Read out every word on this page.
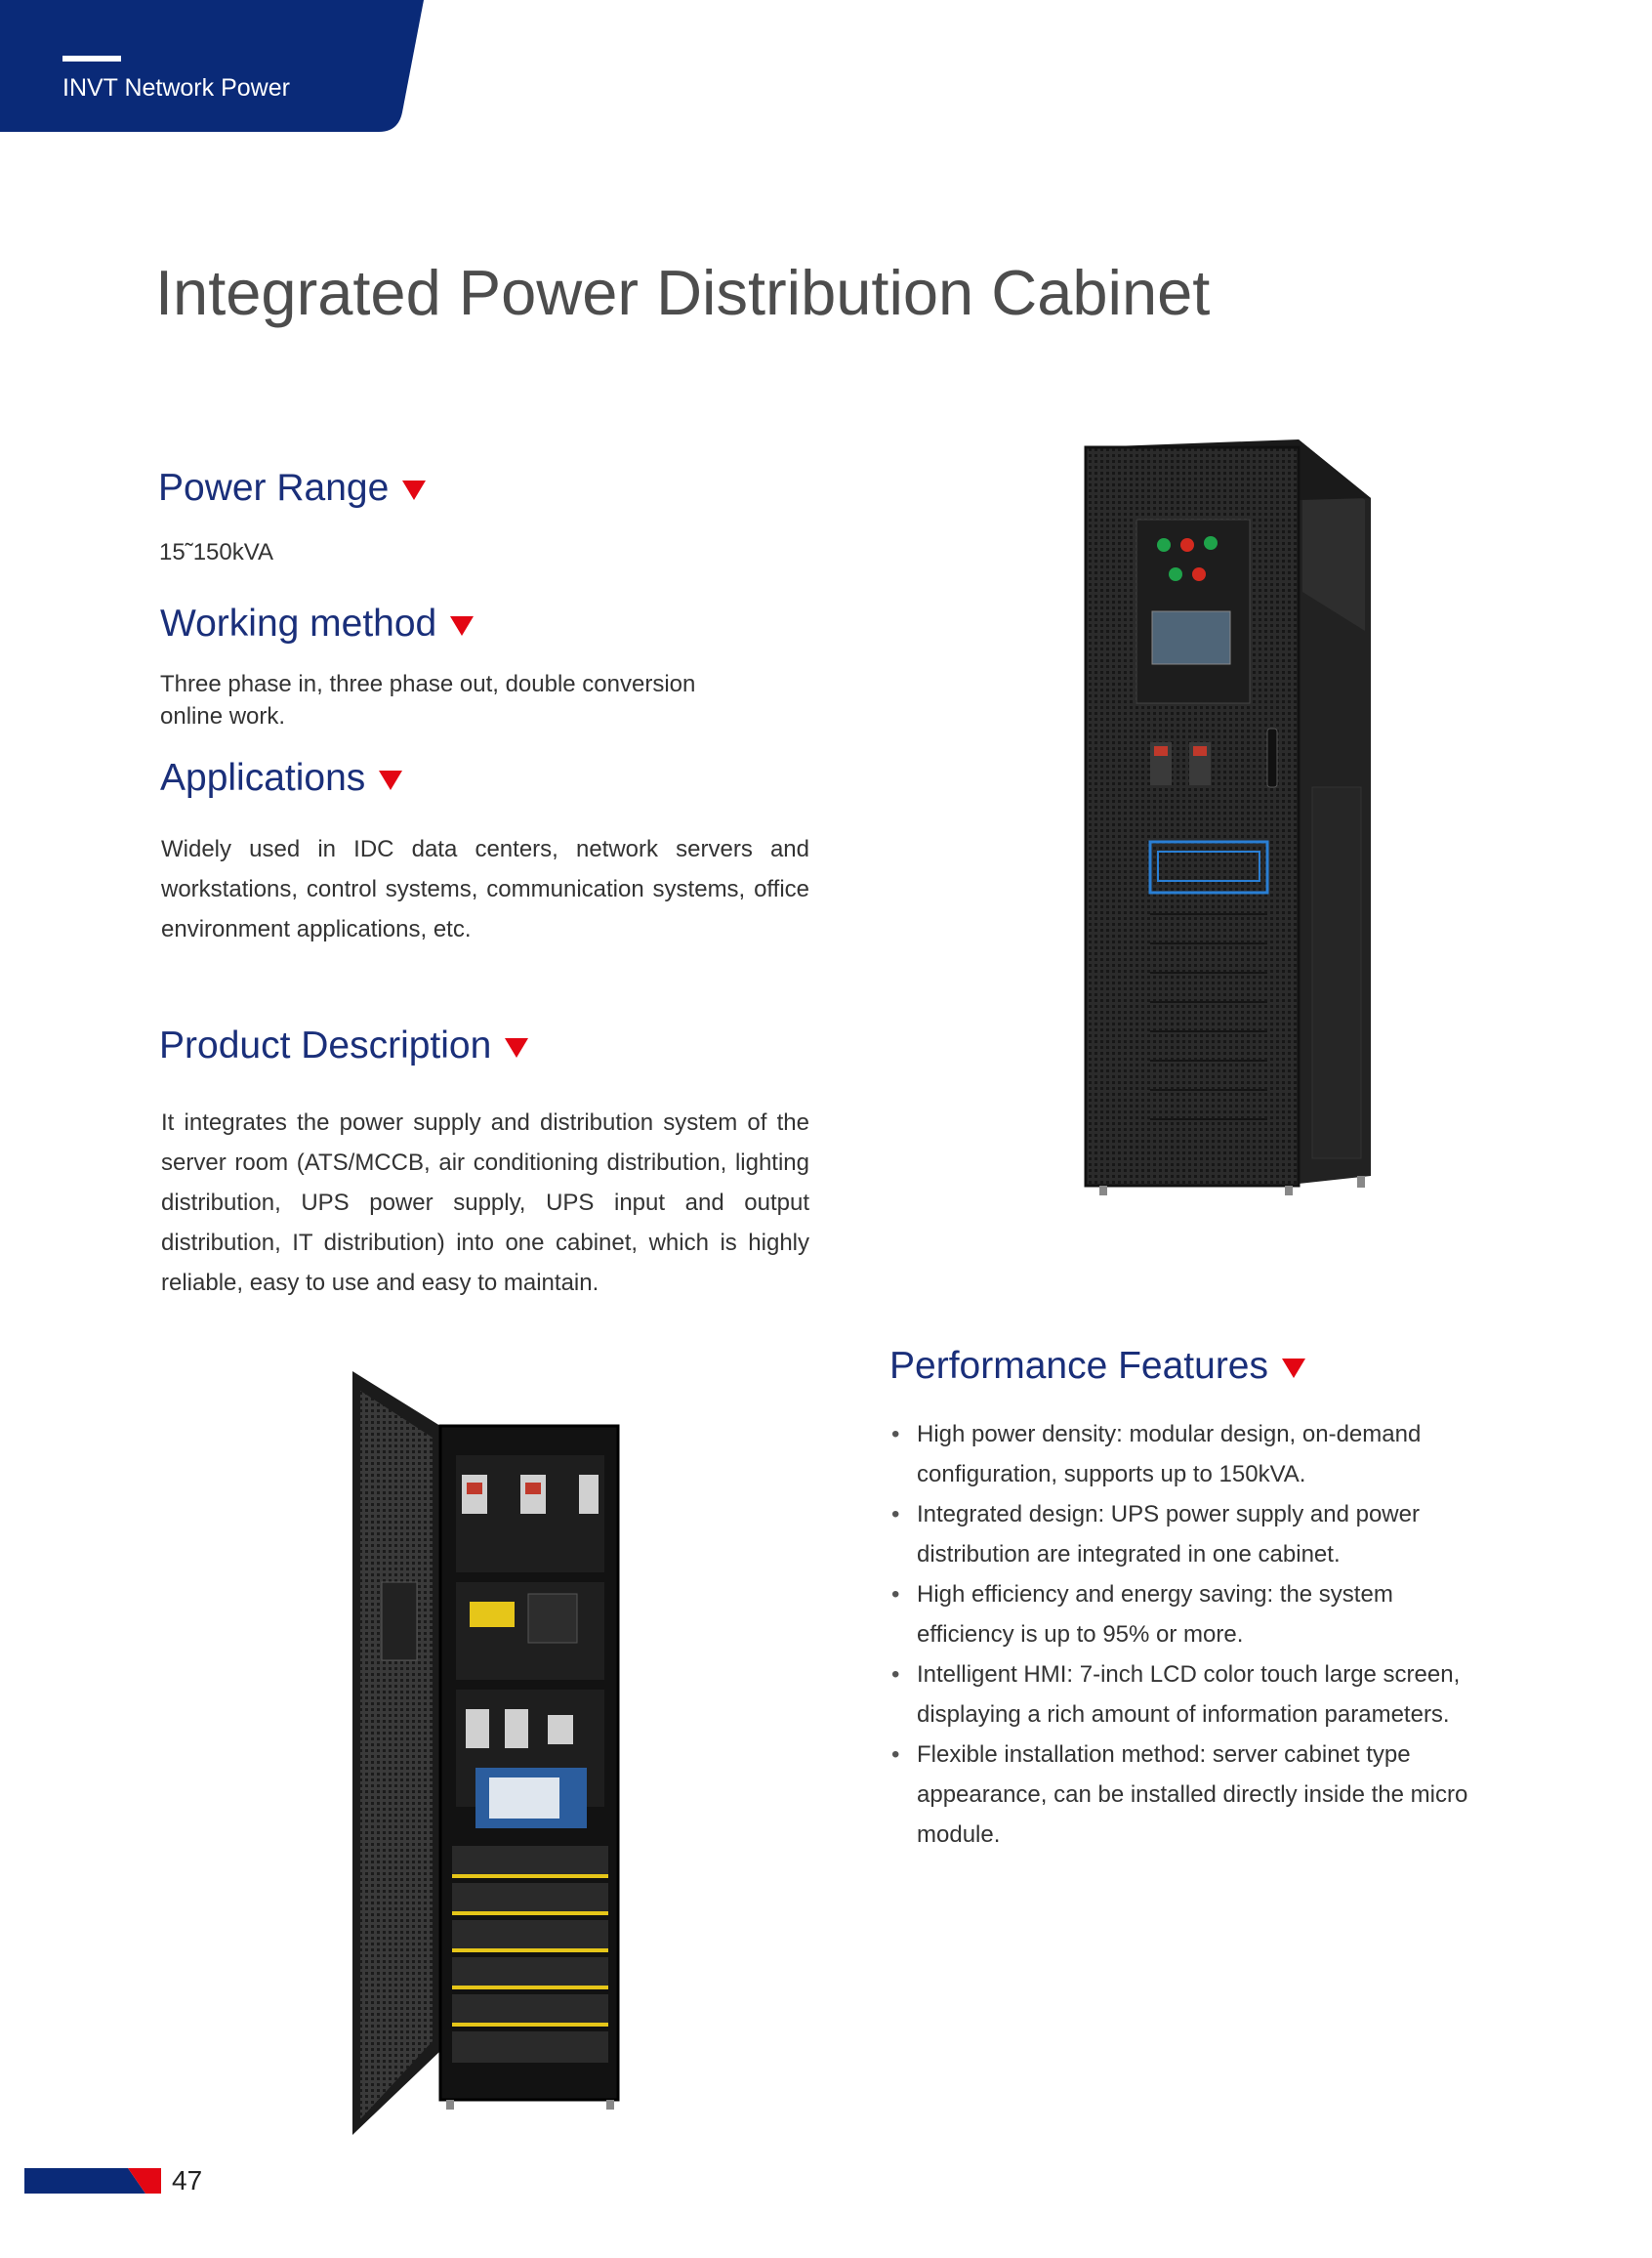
INVT Network Power
Integrated Power Distribution Cabinet
Power Range

15˜150kVA

Working method

Three phase in, three phase out, double conversion
online work.

Applications

Widely used in IDC data centers, network servers and workstations, control systems, communication systems, office environment applications, etc.

Product Description

It integrates the power supply and distribution system of the server room (ATS/MCCB, air conditioning distribution, lighting distribution, UPS power supply, UPS input and output distribution, IT distribution) into one cabinet, which is highly reliable, easy to use and easy to maintain.

Performance Features
• High power density: modular design, on-demand configuration, supports up to 150kVA.
• Integrated design: UPS power supply and power distribution are integrated in one cabinet.
• High efficiency and energy saving: the system efficiency is up to 95% or more.
• Intelligent HMI: 7-inch LCD color touch large screen, displaying a rich amount of information parameters.
• Flexible installation method: server cabinet type appearance, can be installed directly inside the micro module.
47
